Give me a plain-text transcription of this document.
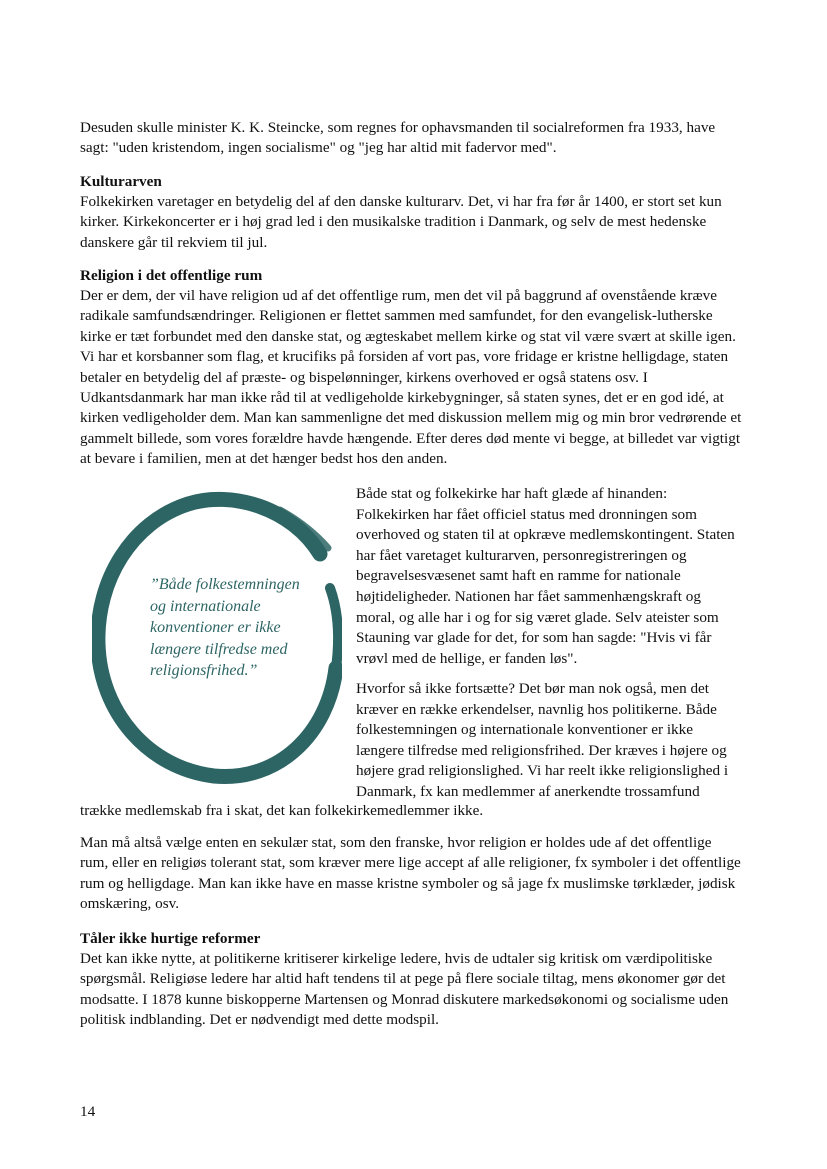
Desuden skulle minister K. K. Steincke, som regnes for ophavsmanden til socialreformen fra 1933, have sagt: "uden kristendom, ingen socialisme" og "jeg har altid mit fadervor med".

Kulturarven

Folkekirken varetager en betydelig del af den danske kulturarv. Det, vi har fra før år 1400, er stort set kun kirker. Kirkekoncerter er i høj grad led i den musikalske tradition i Danmark, og selv de mest hedenske danskere går til rekviem til jul.

Religion i det offentlige rum

Der er dem, der vil have religion ud af det offentlige rum, men det vil på baggrund af ovenstående kræve radikale samfundsændringer. Religionen er flettet sammen med samfundet, for den evangelisk-lutherske kirke er tæt forbundet med den danske stat, og ægteskabet mellem kirke og stat vil være svært at skille igen. Vi har et korsbanner som flag, et krucifiks på forsiden af vort pas, vore fridage er kristne helligdage, staten betaler en betydelig del af præste- og bispelønninger, kirkens overhoved er også statens osv. I Udkantsdanmark har man ikke råd til at vedligeholde kirkebygninger, så staten synes, det er en god idé, at kirken vedligeholder dem. Man kan sammenligne det med diskussion mellem mig og min bror vedrørende et gammelt billede, som vores forældre havde hængende. Efter deres død mente vi begge, at billedet var vigtigt at bevare i familien, men at det hænger bedst hos den anden.

”Både folkestemningen
og internationale
konventioner er ikke
længere tilfredse med
religionsfrihed.”

Både stat og folkekirke har haft glæde af hinanden: Folkekirken har fået officiel status med dronningen som overhoved og staten til at opkræve medlemskontingent. Staten har fået varetaget kulturarven, personregistreringen og begravelsesvæsenet samt haft en ramme for nationale højtideligheder. Nationen har fået sammenhængskraft og moral, og alle har i og for sig været glade. Selv ateister som Stauning var glade for det, for som han sagde: "Hvis vi får vrøvl med de hellige, er fanden løs".

Hvorfor så ikke fortsætte? Det bør man nok også, men det kræver en række erkendelser, navnlig hos politikerne. Både folkestemningen og internationale konventioner er ikke længere tilfredse med religionsfrihed. Der kræves i højere og højere grad religionslighed. Vi har reelt ikke religionslighed i Danmark, fx kan medlemmer af anerkendte trossamfund

trække medlemskab fra i skat, det kan folkekirkemedlemmer ikke.

Man må altså vælge enten en sekulær stat, som den franske, hvor religion er holdes ude af det offentlige rum, eller en religiøs tolerant stat, som kræver mere lige accept af alle religioner, fx symboler i det offentlige rum og helligdage. Man kan ikke have en masse kristne symboler og så jage fx muslimske tørklæder, jødisk omskæring, osv.

Tåler ikke hurtige reformer

Det kan ikke nytte, at politikerne kritiserer kirkelige ledere, hvis de udtaler sig kritisk om værdipolitiske spørgsmål. Religiøse ledere har altid haft tendens til at pege på flere sociale tiltag, mens økonomer gør det modsatte. I 1878 kunne biskopperne Martensen og Monrad diskutere markedsøkonomi og socialisme uden politisk indblanding. Det er nødvendigt med dette modspil.

14
